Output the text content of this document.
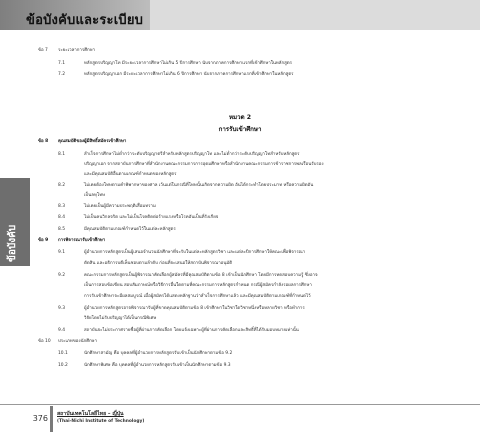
ข้อบังคับและระเบียบ
ข้อบังคับ
ข้อ 7 ระยะเวลาการศึกษา
7.1	หลักสูตรปริญญาโท มีระยะเวลาการศึกษาไม่เกิน 5 ปีการศึกษา นับจากภาคการศึกษาแรกที่เข้าศึกษาในหลักสูตร
7.2	หลักสูตรปริญญาเอก มีระยะเวลาการศึกษาไม่เกิน 6 ปีการศึกษา นับจากภาคการศึกษาแรกที่เข้าศึกษาในหลักสูตร
ข้อ 8 คุณสมบัติของผู้มีสิทธิ์สมัครเข้าศึกษา
8.1	สำเร็จการศึกษาไม่ต่ำกว่าระดับปริญญาตรีสำหรับหลักสูตรปริญญาโท และไม่ต่ำกว่าระดับปริญญาโทสำหรับหลักสูตร
ปริญญาเอก จากสถาบันการศึกษาที่สำนักงานคณะกรรมการการอุดมศึกษาหรือสำนักงานคณะกรรมการข้าราชการพลเรือนรับรอง
และมีคุณสมบัติอื่นตามเกณฑ์กำหนดของหลักสูตร
8.2	ไม่เคยต้องโทษตามคำพิพากษาของศาล เว้นแต่ในกรณีที่โทษนั้นเกิดจากความผิด อันได้กระทำโดยประมาท หรือความผิดอัน
เป็นลหุโทษ
8.3	ไม่เคยเป็นผู้มีความประพฤติเสื่อมทราม
8.4	ไม่เป็นคนวิกลจริต และไม่เป็นโรคติดต่อร้ายแรงหรือโรคอันเป็นที่รังเกียจ
8.5	มีคุณสมบัติตามเกณฑ์กำหนดไว้ในแต่ละหลักสูตร
ข้อ 9 การพิจารณารับเข้าศึกษา
9.1	ผู้อำนวยการหลักสูตรเป็นผู้เสนอจำนวนนักศึกษาที่จะรับในแต่ละหลักสูตรวิชา และแต่ละปีการศึกษาให้คณะเพื่อพิจารณา
ตัดสิน และอธิการบดีเห็นชอบตามลำดับ ก่อนที่จะเสนอให้สถาบันพิจารณาอนุมัติ
9.2	คณะกรรมการหลักสูตรเป็นผู้พิจารณาคัดเลือกผู้สมัครที่มีคุณสมบัติตามข้อ 8 เข้าเป็นนักศึกษา โดยมีการทดสอบความรู้ ซึ่งอาจ
เป็นการสอบข้อเขียน สอบสัมภาษณ์หรือวิธีการอื่นใดตามที่คณะกรรมการหลักสูตรกำหนด กรณีผู้สมัครกำลังรอผลการศึกษา
การรับเข้าศึกษาจะมีผลสมบูรณ์ เมื่อผู้สมัครได้แสดงหลักฐานว่าสำเร็จการศึกษาแล้ว และมีคุณสมบัติตามเกณฑ์ที่กำหนดไว้
9.3	ผู้อำนวยการหลักสูตรอาจพิจารณารับผู้ที่ขาดคุณสมบัติตามข้อ 8 เข้าศึกษาในวิชาใดวิชาหนึ่งหรือหลายวิชา หรือทำการ
วิจัยโดยไม่รับปริญญาได้เป็นกรณีพิเศษ
9.4	สถาบันจะไม่ประกาศรายชื่อผู้ที่ผ่านการคัดเลือก โดยแจ้งเฉพาะผู้ที่ผ่านการคัดเลือกและสิทธิ์ที่ได้รับมอบหมายเท่านั้น
ข้อ 10 ประเภทของนักศึกษา
10.1	นักศึกษาสามัญ คือ บุคคลที่ผู้อำนวยการหลักสูตรรับเข้าเป็นนักศึกษาตามข้อ 9.2
10.2	นักศึกษาพิเศษ คือ บุคคลที่ผู้อำนวยการหลักสูตรรับเข้าเป็นนักศึกษาตามข้อ 9.3
หมวด 2
การรับเข้าศึกษา
376 สถาบันเทคโนโลยีไทย – ญี่ปุ่น
(Thai-Nichi Institute of Technology)
